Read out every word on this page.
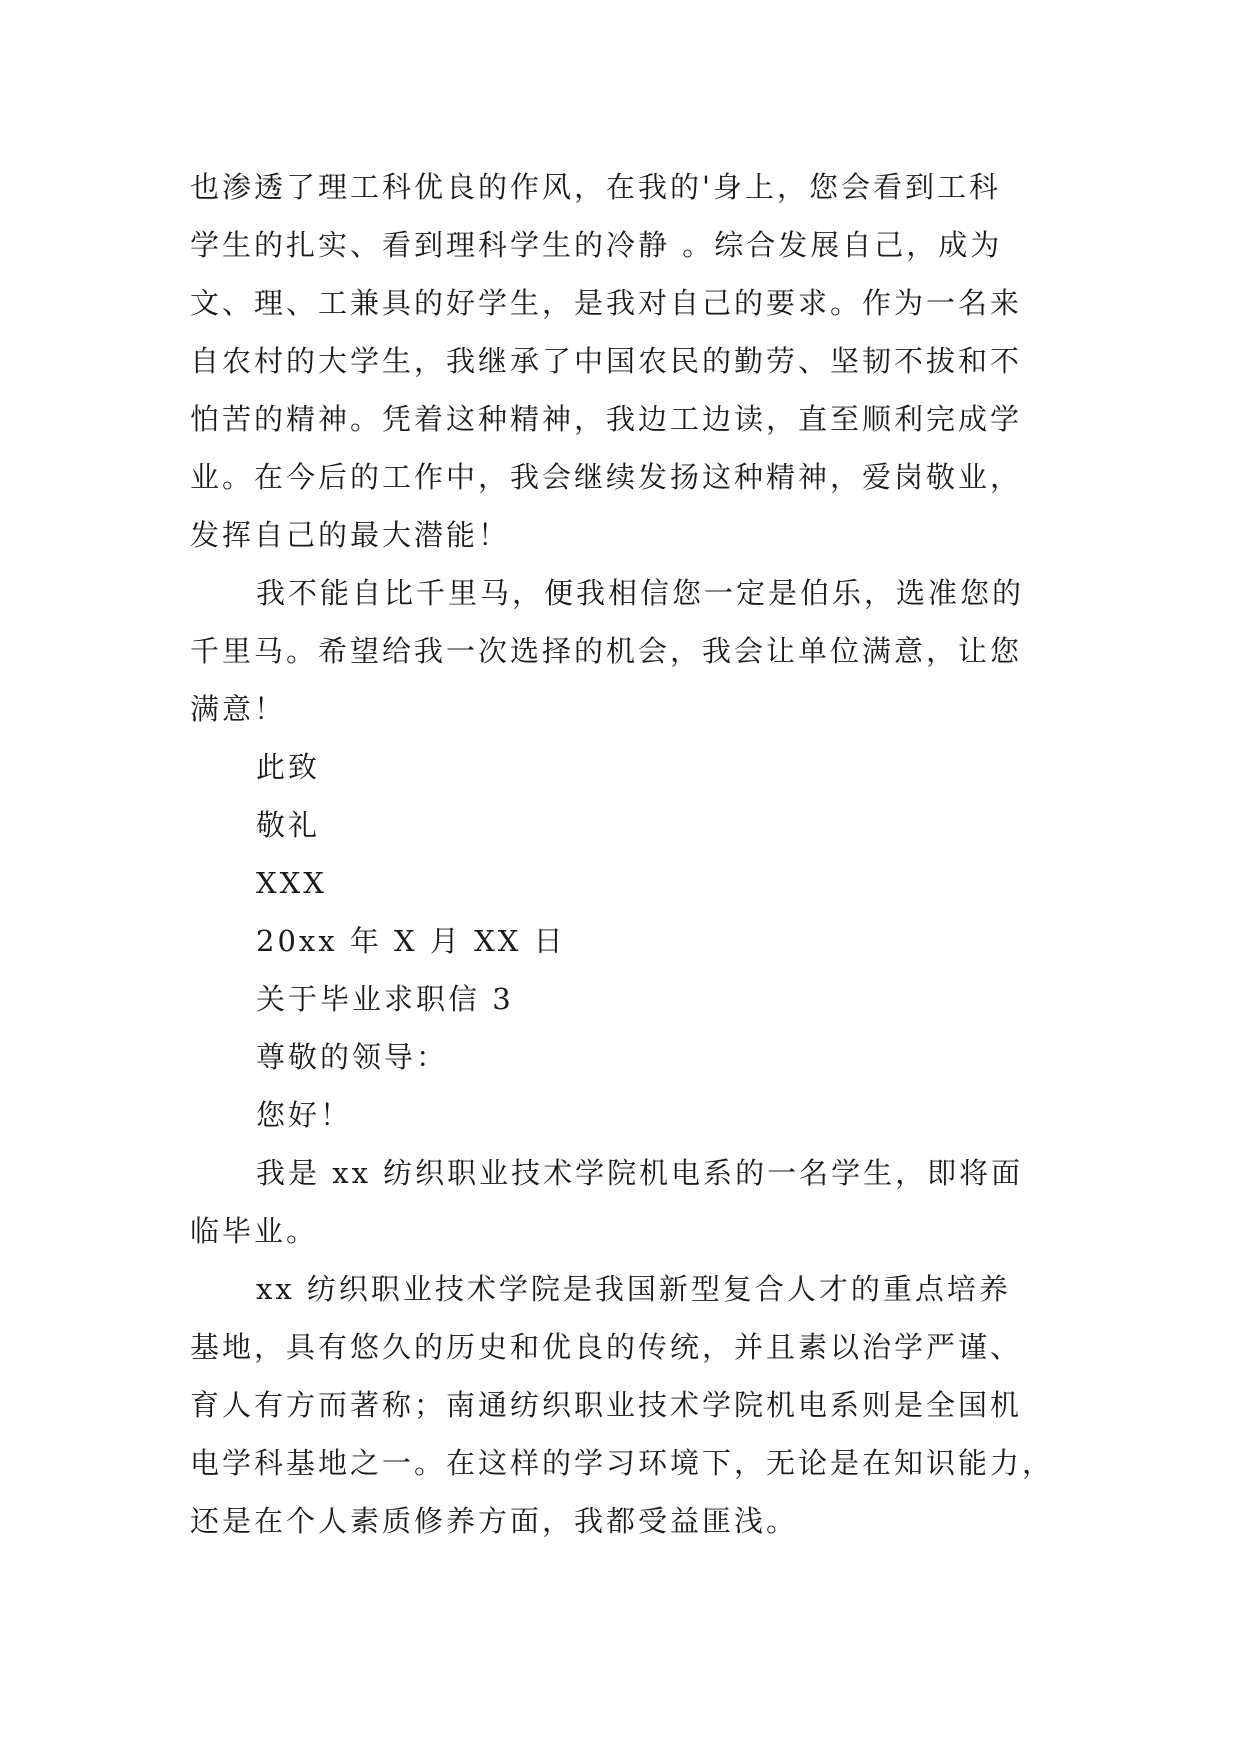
也渗透了理工科优良的作风，在我的'身上，您会看到工科
学生的扎实、看到理科学生的冷静 。综合发展自己，成为
文、理、工兼具的好学生，是我对自己的要求。作为一名来
自农村的大学生，我继承了中国农民的勤劳、坚韧不拔和不
怕苦的精神。凭着这种精神，我边工边读，直至顺利完成学
业。在今后的工作中，我会继续发扬这种精神，爱岗敬业，
发挥自己的最大潜能！
我不能自比千里马，便我相信您一定是伯乐，选准您的
千里马。希望给我一次选择的机会，我会让单位满意，让您
满意！
此致
敬礼
XXX
20xx 年 X 月 XX 日
关于毕业求职信 3
尊敬的领导：
您好！
我是 xx 纺织职业技术学院机电系的一名学生，即将面
临毕业。
xx 纺织职业技术学院是我国新型复合人才的重点培养
基地，具有悠久的历史和优良的传统，并且素以治学严谨、
育人有方而著称；南通纺织职业技术学院机电系则是全国机
电学科基地之一。在这样的学习环境下，无论是在知识能力，
还是在个人素质修养方面，我都受益匪浅。
